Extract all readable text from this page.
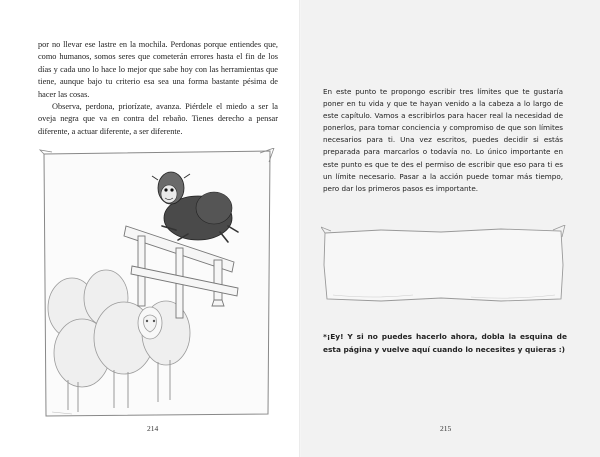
por no llevar ese lastre en la mochila. Perdonas porque entiendes que, como humanos, somos seres que cometerán errores hasta el fin de los días y cada uno lo hace lo mejor que sabe hoy con las herramientas que tiene, aunque bajo tu criterio esa sea una forma bastante pésima de hacer las cosas.

Observa, perdona, priorízate, avanza. Piérdele el miedo a ser la oveja negra que va en contra del rebaño. Tienes derecho a pensar diferente, a actuar diferente, a ser diferente.

214

En este punto te propongo escribir tres límites que te gustaría poner en tu vida y que te hayan venido a la cabeza a lo largo de este capítulo. Vamos a escribirlos para hacer real la necesidad de ponerlos, para tomar conciencia y compromiso de que son límites necesarios para ti. Una vez escritos, puedes decidir si estás preparada para marcarlos o todavía no. Lo único importante en este punto es que te des el permiso de escribir que eso para ti es un límite necesario. Pasar a la acción puede tomar más tiempo, pero dar los primeros pasos es importante.

*¡Ey! Y si no puedes hacerlo ahora, dobla la esquina de esta página y vuelve aquí cuando lo necesites y quieras :)
215
